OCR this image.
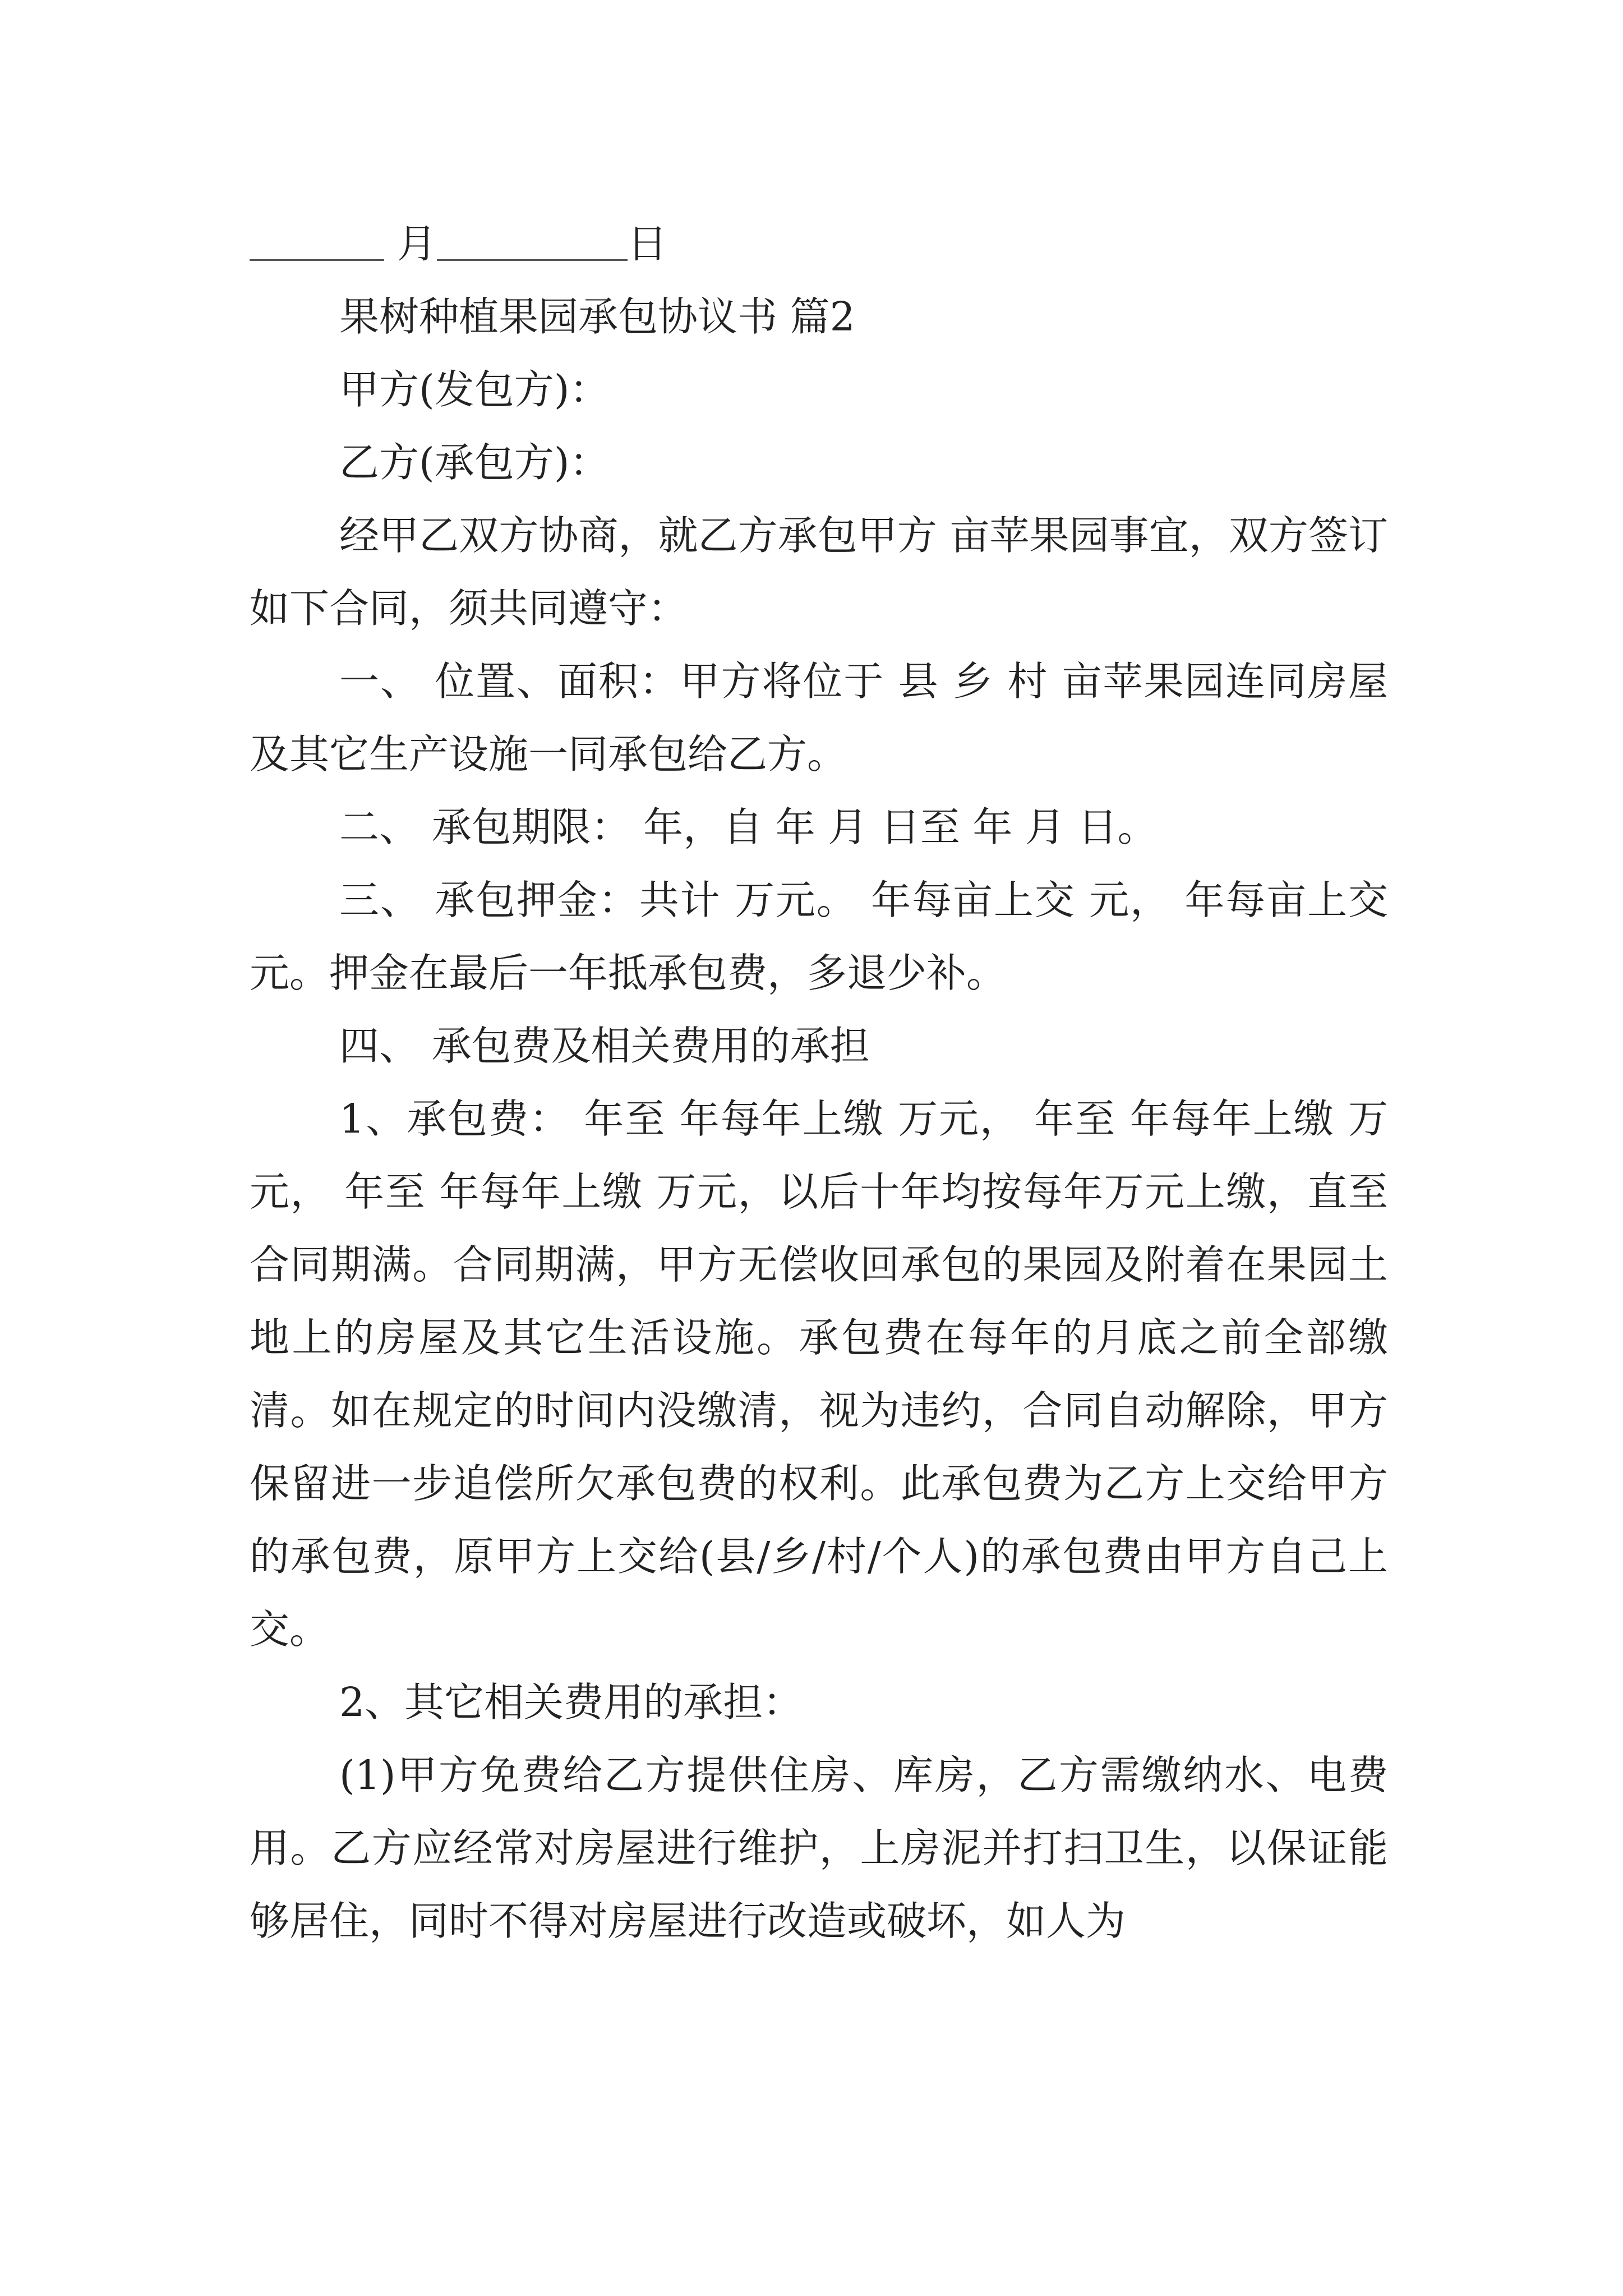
月	日
果树种植果园承包协议书 篇2
甲方(发包方)：
乙方(承包方)：

经甲乙双方协商，就乙方承包甲方 亩苹果园事宜，双方签订如下合同，须共同遵守：

一、 位置、面积：甲方将位于 县 乡 村 亩苹果园连同房屋及其它生产设施一同承包给乙方。

二、 承包期限： 年，自 年 月 日至 年 月 日。

三、 承包押金：共计 万元。 年每亩上交 元， 年每亩上交 元。押金在最后一年抵承包费，多退少补。

四、 承包费及相关费用的承担

1、承包费： 年至 年每年上缴 万元， 年至 年每年上缴 万元， 年至 年每年上缴 万元，以后十年均按每年万元上缴，直至合同期满。合同期满，甲方无偿收回承包的果园及附着在果园土地上的房屋及其它生活设施。承包费在每年的月底之前全部缴清。如在规定的时间内没缴清，视为违约，合同自动解除，甲方保留进一步追偿所欠承包费的权利。此承包费为乙方上交给甲方的承包费，原甲方上交给(县/乡/村/个人)的承包费由甲方自己上交。

2、其它相关费用的承担：

(1)甲方免费给乙方提供住房、库房，乙方需缴纳水、电费用。乙方应经常对房屋进行维护，上房泥并打扫卫生，以保证能够居住，同时不得对房屋进行改造或破坏，如人为
